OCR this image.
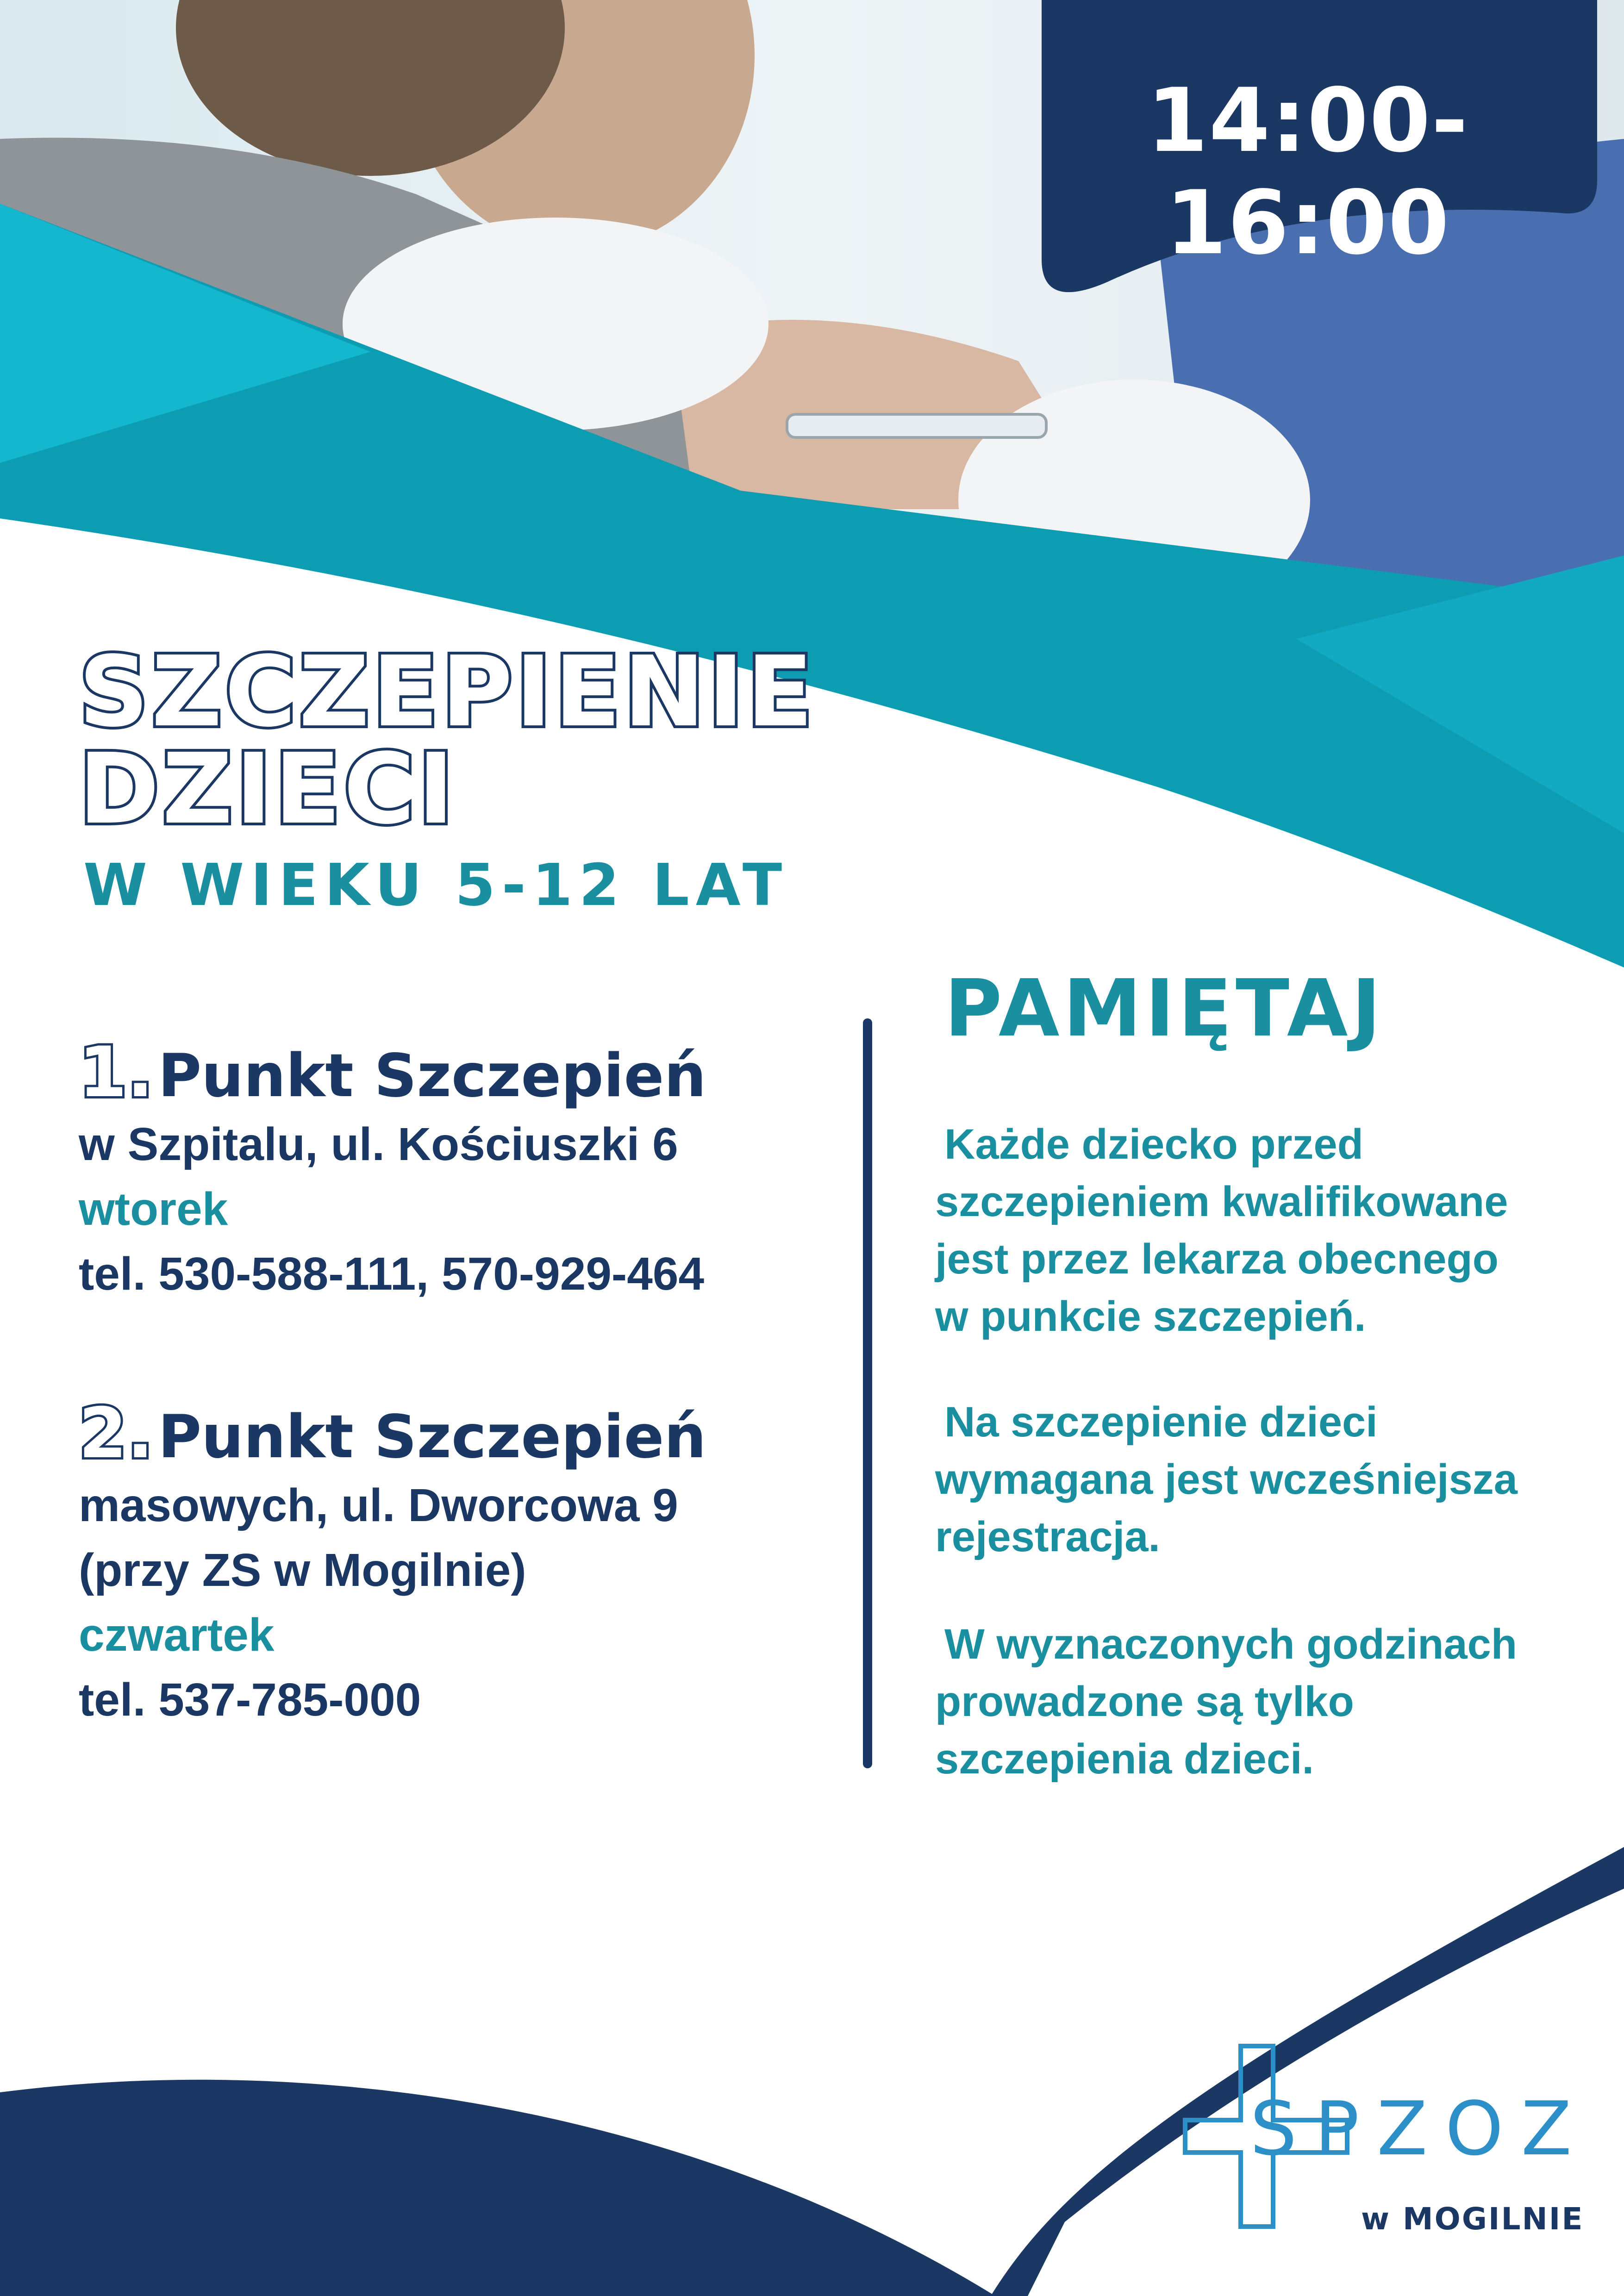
14:00-16:00
SZCZEPIENIE
DZIECI
W WIEKU 5-12 LAT
1.Punkt Szczepień
w Szpitalu, ul. Kościuszki 6
wtorek
tel. 530-588-111, 570-929-464
2.Punkt Szczepień
masowych, ul. Dworcowa 9
(przy ZS w Mogilnie)
czwartek
tel. 537-785-000
PAMIĘTAJ
Każde dziecko przed
szczepieniem kwalifikowane
jest przez lekarza obecnego
w punkcie szczepień.
Na szczepienie dzieci
wymagana jest wcześniejsza
rejestracja.
W wyznaczonych godzinach
prowadzone są tylko
szczepienia dzieci.
SPZOZ
w MOGILNIE
